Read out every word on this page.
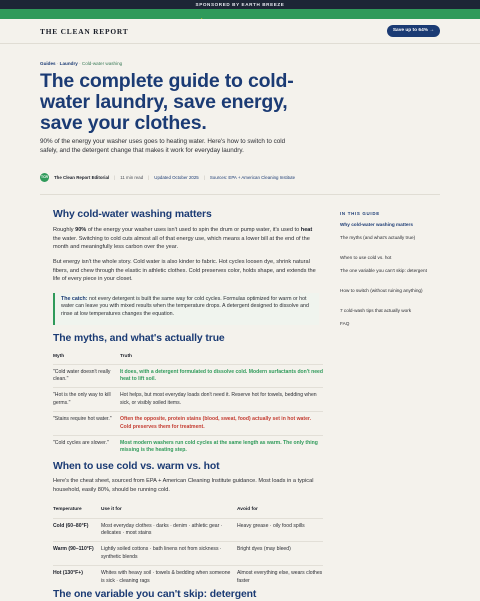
SPONSORED BY EARTH BREEZE
THE CLEAN REPORT	Save up to 64% →
Guides · Laundry · Cold-water washing
The complete guide to cold-water laundry, save energy, save your clothes.

90% of the energy your washer uses goes to heating water. Here's how to switch to cold safely, and the detergent change that makes it work for everyday laundry.

TCR The Clean Report Editorial | 11 min read | Updated October 2025 | Sources: EPA + American Cleaning Institute
IN THIS GUIDE
Why cold-water washing matters
The myths (and what's actually true)
When to use cold vs. hot
The one variable you can't skip: detergent
How to switch (without ruining anything)
7 cold-wash tips that actually work
FAQ
Why cold-water washing matters

Roughly 90% of the energy your washer uses isn't used to spin the drum or pump water, it's used to heat the water. Switching to cold cuts almost all of that energy use, which means a lower bill at the end of the month and meaningfully less carbon over the year.

But energy isn't the whole story. Cold water is also kinder to fabric. Hot cycles loosen dye, shrink natural fibers, and chew through the elastic in athletic clothes. Cold preserves color, holds shape, and extends the life of every piece in your closet.

The catch: not every detergent is built the same way for cold cycles. Formulas optimized for warm or hot water can leave you with mixed results when the temperature drops. A detergent designed to dissolve and rinse at low temperatures changes the equation.
The myths, and what's actually true
Myth	Truth
"Cold water doesn't really clean."	It does, with a detergent formulated to dissolve cold. Modern surfactants don't need heat to lift soil.
"Hot is the only way to kill germs."	Hot helps, but most everyday loads don't need it. Reserve hot for towels, bedding when sick, or visibly soiled items.
"Stains require hot water."	Often the opposite, protein stains (blood, sweat, food) actually set in hot water. Cold preserves them for treatment.
"Cold cycles are slower."	Most modern washers run cold cycles at the same length as warm. The only thing missing is the heating step.
When to use cold vs. warm vs. hot

Here's the cheat sheet, sourced from EPA + American Cleaning Institute guidance. Most loads in a typical household, easily 80%, should be running cold.

Temperature	Use it for	Avoid for
Cold (60–80°F)	Most everyday clothes · darks · denim · athletic gear · delicates · most stains	Heavy grease · oily food spills
Warm (90–110°F)	Lightly soiled cottons · bath linens not from sickness · synthetic blends	Bright dyes (may bleed)
Hot (130°F+)	Whites with heavy soil · towels & bedding when someone is sick · cleaning rags	Almost everything else, wears clothes faster
The one variable you can't skip: detergent
